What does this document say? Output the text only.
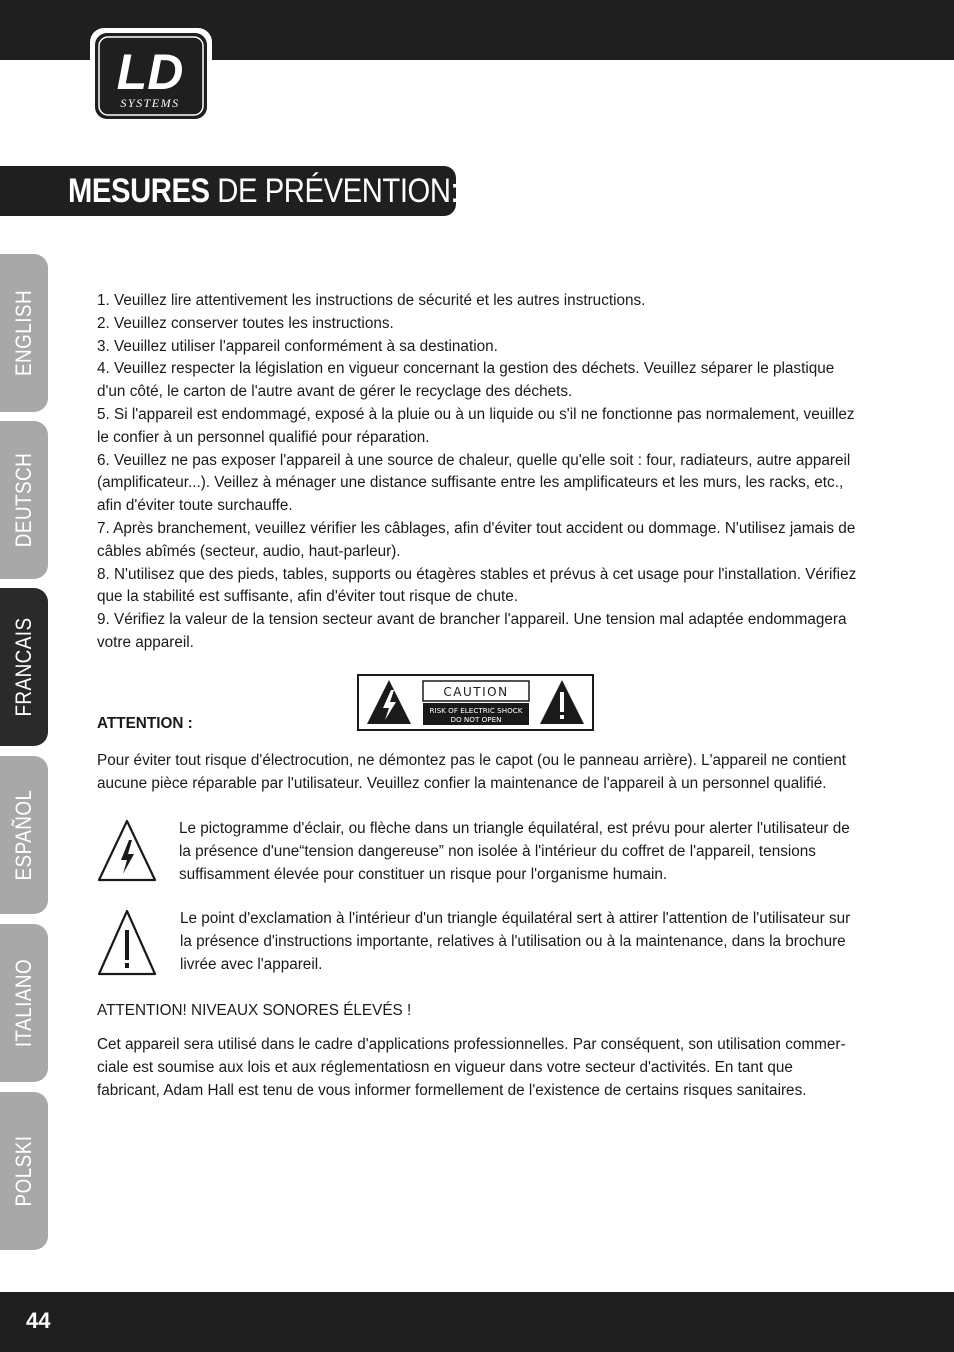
LD
SYSTEMS
MESURES DE PRÉVENTION:
ENGLISH
DEUTSCH
FRANCAIS
ESPAÑOL
ITALIANO
POLSKI

1. Veuillez lire attentivement les instructions de sécurité et les autres instructions.

2. Veuillez conserver toutes les instructions.

3. Veuillez utiliser l'appareil conformément à sa destination.

4. Veuillez respecter la législation en vigueur concernant la gestion des déchets. Veuillez séparer le plastique d'un côté, le carton de l'autre avant de gérer le recyclage des déchets.

5. Si l'appareil est endommagé, exposé à la pluie ou à un liquide ou s'il ne fonctionne pas normalement, veuillez le confier à un personnel qualifié pour réparation.

6. Veuillez ne pas exposer l'appareil à une source de chaleur, quelle qu'elle soit : four, radiateurs, autre appareil (amplificateur...). Veillez à ménager une distance suffisante entre les amplificateurs et les murs, les racks, etc., afin d'éviter toute surchauffe.

7. Après branchement, veuillez vérifier les câblages, afin d'éviter tout accident ou dommage. N'utilisez jamais de câbles abîmés (secteur, audio, haut-parleur).

8. N'utilisez que des pieds, tables, supports ou étagères stables et prévus à cet usage pour l'installation. Vérifiez que la stabilité est suffisante, afin d'éviter tout risque de chute.

9. Vérifiez la valeur de la tension secteur avant de brancher l'appareil. Une tension mal adaptée endommagera votre appareil.

ATTENTION :
CAUTION
RISK OF ELECTRIC SHOCK
DO NOT OPEN
Pour éviter tout risque d'électrocution, ne démontez pas le capot (ou le panneau arrière). L'appareil ne contient aucune pièce réparable par l'utilisateur. Veuillez confier la maintenance de l'appareil à un personnel qualifié.
Le pictogramme d'éclair, ou flèche dans un triangle équilatéral, est prévu pour alerter l'utilisateur de la présence d'une“tension dangereuse” non isolée à l'intérieur du coffret de l'appareil, tensions suffisamment élevée pour constituer un risque pour l'organisme humain.
Le point d'exclamation à l'intérieur d'un triangle équilatéral sert à attirer l'attention de l'utilisateur sur la présence d'instructions importante, relatives à l'utilisation ou à la maintenance, dans la brochure livrée avec l'appareil.
ATTENTION! NIVEAUX SONORES ÉLEVÉS !
Cet appareil sera utilisé dans le cadre d'applications professionnelles. Par conséquent, son utilisation commer-ciale est soumise aux lois et aux réglementatiosn en vigueur dans votre secteur d'activités. En tant que fabricant, Adam Hall est tenu de vous informer formellement de l'existence de certains risques sanitaires.
44
